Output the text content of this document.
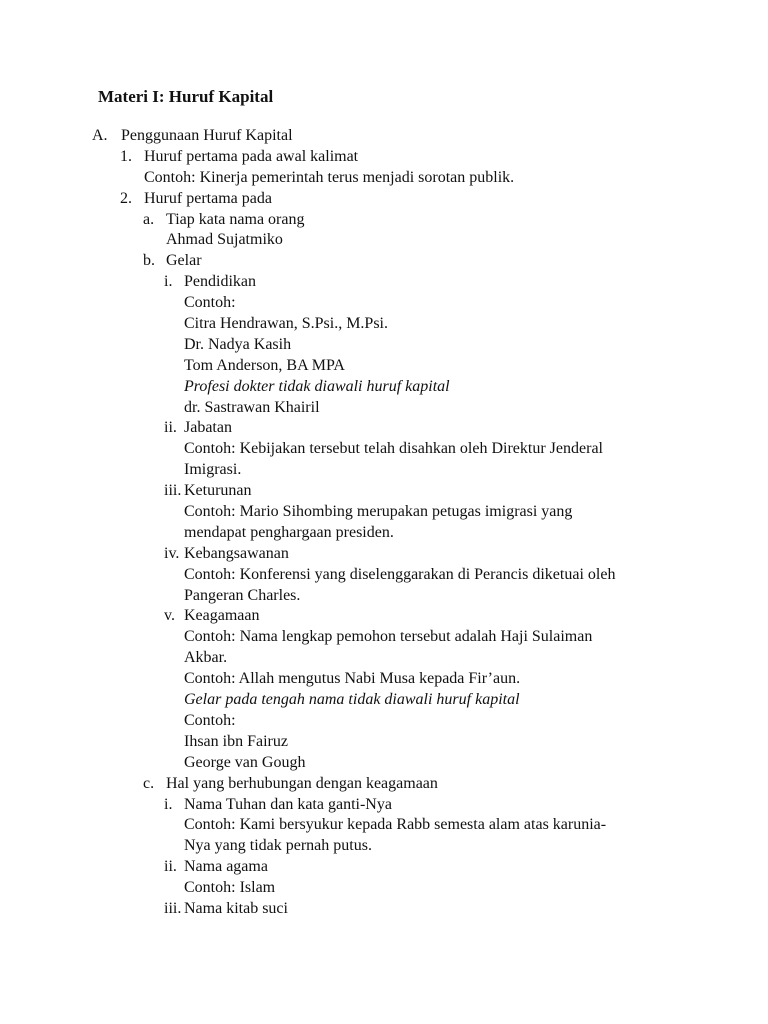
Materi I: Huruf Kapital
A. Penggunaan Huruf Kapital
1. Huruf pertama pada awal kalimat
Contoh: Kinerja pemerintah terus menjadi sorotan publik.
2. Huruf pertama pada
a. Tiap kata nama orang
Ahmad Sujatmiko
b. Gelar
i. Pendidikan
Contoh:
Citra Hendrawan, S.Psi., M.Psi.
Dr. Nadya Kasih
Tom Anderson, BA MPA
Profesi dokter tidak diawali huruf kapital
dr. Sastrawan Khairil
ii. Jabatan
Contoh: Kebijakan tersebut telah disahkan oleh Direktur Jenderal
Imigrasi.
iii. Keturunan
Contoh: Mario Sihombing merupakan petugas imigrasi yang
mendapat penghargaan presiden.
iv. Kebangsawanan
Contoh: Konferensi yang diselenggarakan di Perancis diketuai oleh
Pangeran Charles.
v. Keagamaan
Contoh: Nama lengkap pemohon tersebut adalah Haji Sulaiman
Akbar.
Contoh: Allah mengutus Nabi Musa kepada Fir’aun.
Gelar pada tengah nama tidak diawali huruf kapital
Contoh:
Ihsan ibn Fairuz
George van Gough
c. Hal yang berhubungan dengan keagamaan
i. Nama Tuhan dan kata ganti-Nya
Contoh: Kami bersyukur kepada Rabb semesta alam atas karunia-
Nya yang tidak pernah putus.
ii. Nama agama
Contoh: Islam
iii. Nama kitab suci
